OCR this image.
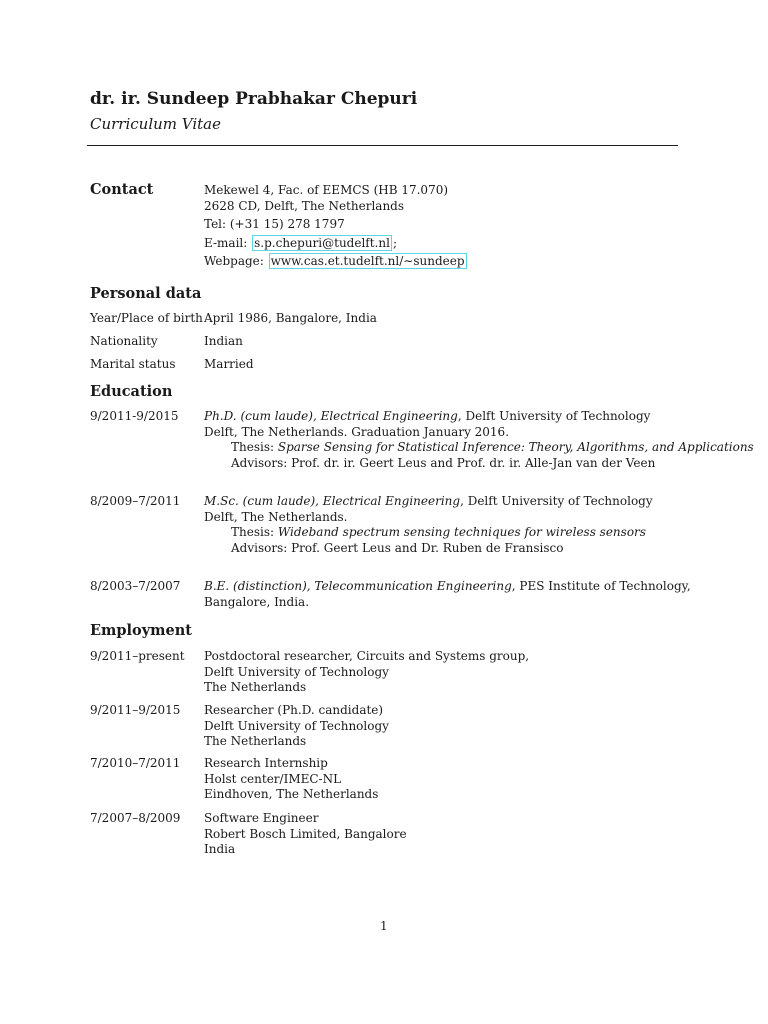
dr. ir. Sundeep Prabhakar Chepuri
Curriculum Vitae
Contact	Mekewel 4, Fac. of EEMCS (HB 17.070)
2628 CD, Delft, The Netherlands
Tel: (+31 15) 278 1797
E-mail: s.p.chepuri@tudelft.nl ;
Webpage: www.cas.et.tudelft.nl/∼sundeep
Personal data
Year/Place of birth April 1986, Bangalore, India
Nationality	Indian
Marital status Married
Education
9/2011-9/2015 Ph.D. (cum laude), Electrical Engineering, Delft University of Technology
Delft, The Netherlands. Graduation January 2016.
Thesis: Sparse Sensing for Statistical Inference: Theory, Algorithms, and Applications
Advisors: Prof. dr. ir. Geert Leus and Prof. dr. ir. Alle-Jan van der Veen
8/2009–7/2011 M.Sc. (cum laude), Electrical Engineering, Delft University of Technology
Delft, The Netherlands.
Thesis: Wideband spectrum sensing techniques for wireless sensors
Advisors: Prof. Geert Leus and Dr. Ruben de Fransisco
8/2003–7/2007 B.E. (distinction), Telecommunication Engineering, PES Institute of Technology,
Bangalore, India.
Employment
9/2011–present Postdoctoral researcher, Circuits and Systems group,
Delft University of Technology
The Netherlands
9/2011–9/2015 Researcher (Ph.D. candidate)
Delft University of Technology
The Netherlands
7/2010–7/2011 Research Internship
Holst center/IMEC-NL
Eindhoven, The Netherlands
7/2007–8/2009 Software Engineer
Robert Bosch Limited, Bangalore
India
1
